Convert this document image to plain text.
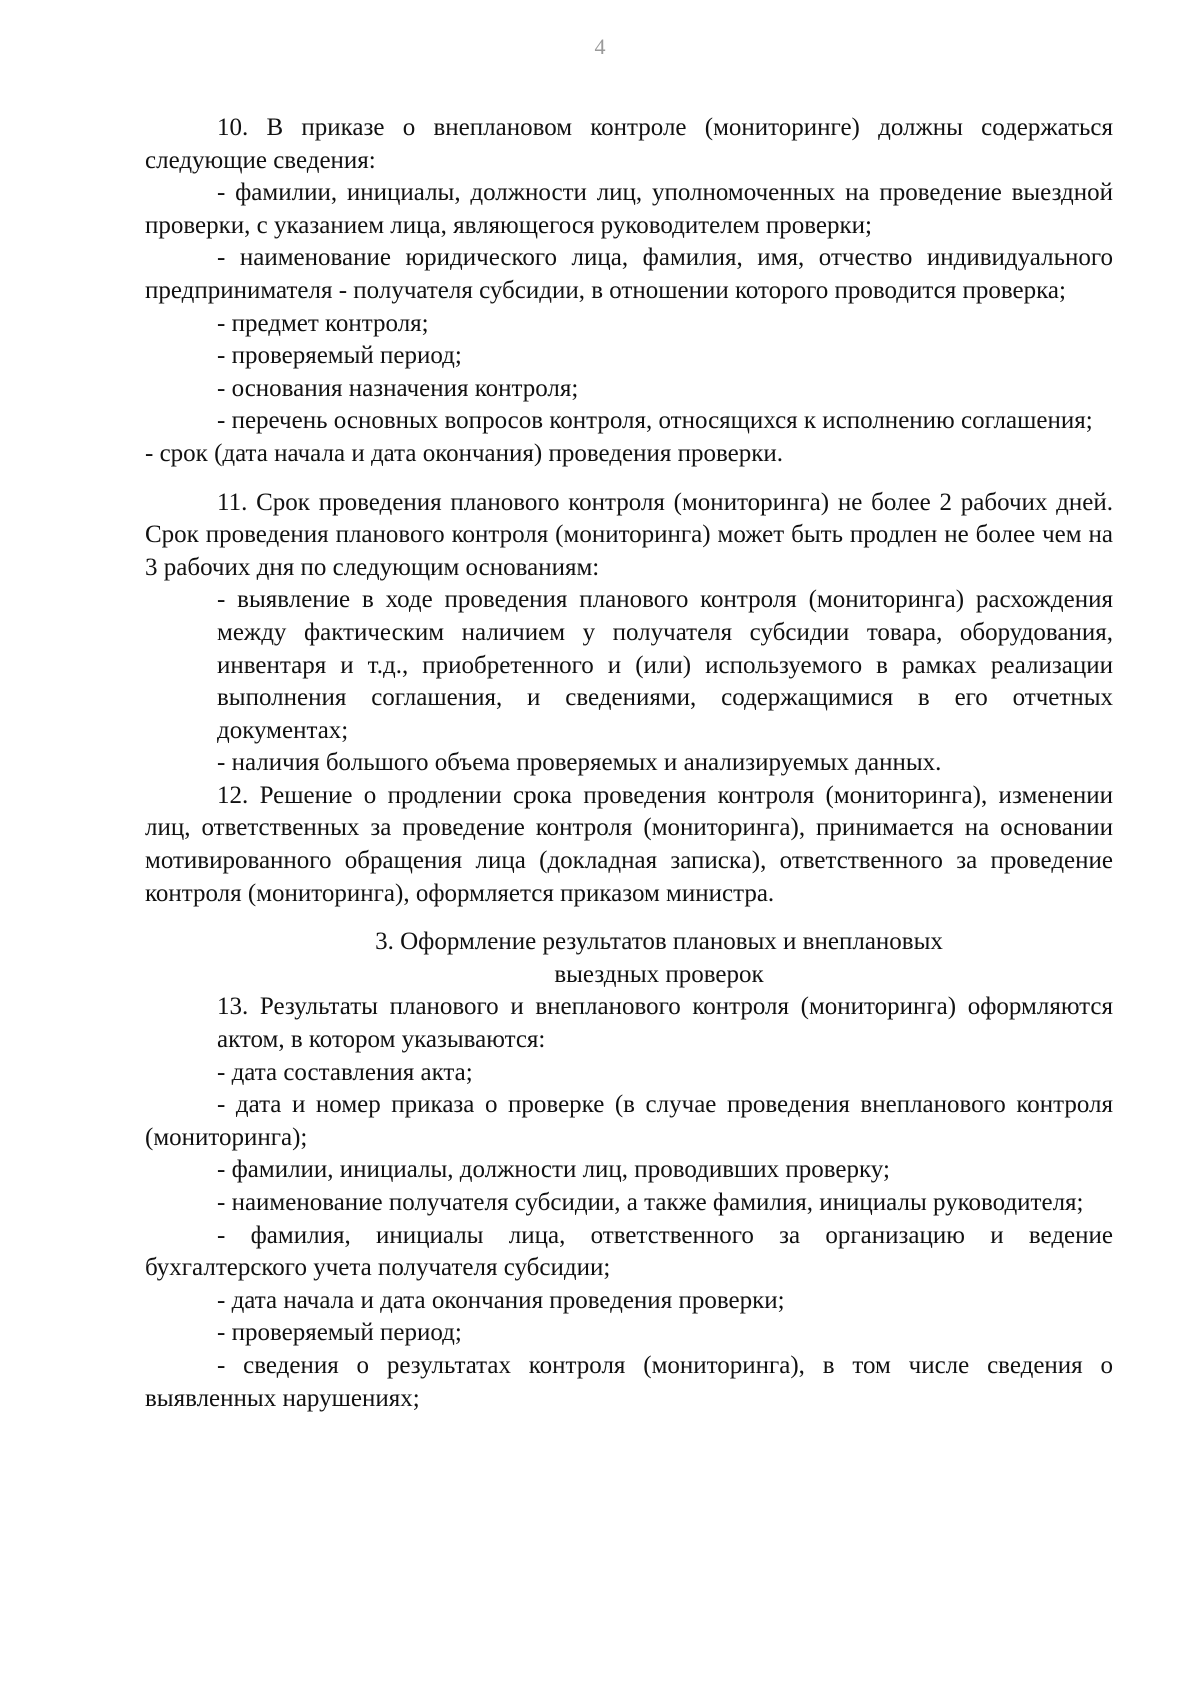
4

10. В приказе о внеплановом контроле (мониторинге) должны содержаться следующие сведения:

- фамилии, инициалы, должности лиц, уполномоченных на проведение выездной проверки, с указанием лица, являющегося руководителем проверки;

- наименование юридического лица, фамилия, имя, отчество индивидуального предпринимателя - получателя субсидии, в отношении которого проводится проверка;

- предмет контроля;

- проверяемый период;

- основания назначения контроля;

- перечень основных вопросов контроля, относящихся к исполнению соглашения;

- срок (дата начала и дата окончания) проведения проверки.

11. Срок проведения планового контроля (мониторинга) не более 2 рабочих дней. Срок проведения планового контроля (мониторинга) может быть продлен не более чем на 3 рабочих дня по следующим основаниям:

- выявление в ходе проведения планового контроля (мониторинга) расхождения между фактическим наличием у получателя субсидии товара, оборудования, инвентаря и т.д., приобретенного и (или) используемого в рамках реализации выполнения соглашения, и сведениями, содержащимися в его отчетных документах;

- наличия большого объема проверяемых и анализируемых данных.

12. Решение о продлении срока проведения контроля (мониторинга), изменении лиц, ответственных за проведение контроля (мониторинга), принимается на основании мотивированного обращения лица (докладная записка), ответственного за проведение контроля (мониторинга), оформляется приказом министра.

3. Оформление результатов плановых и внеплановых
выездных проверок

13. Результаты планового и внепланового контроля (мониторинга) оформляются актом, в котором указываются:

- дата составления акта;

- дата и номер приказа о проверке (в случае проведения внепланового контроля (мониторинга);

- фамилии, инициалы, должности лиц, проводивших проверку;

- наименование получателя субсидии, а также фамилия, инициалы руководителя;

- фамилия, инициалы лица, ответственного за организацию и ведение бухгалтерского учета получателя субсидии;

- дата начала и дата окончания проведения проверки;

- проверяемый период;

- сведения о результатах контроля (мониторинга), в том числе сведения о выявленных нарушениях;
